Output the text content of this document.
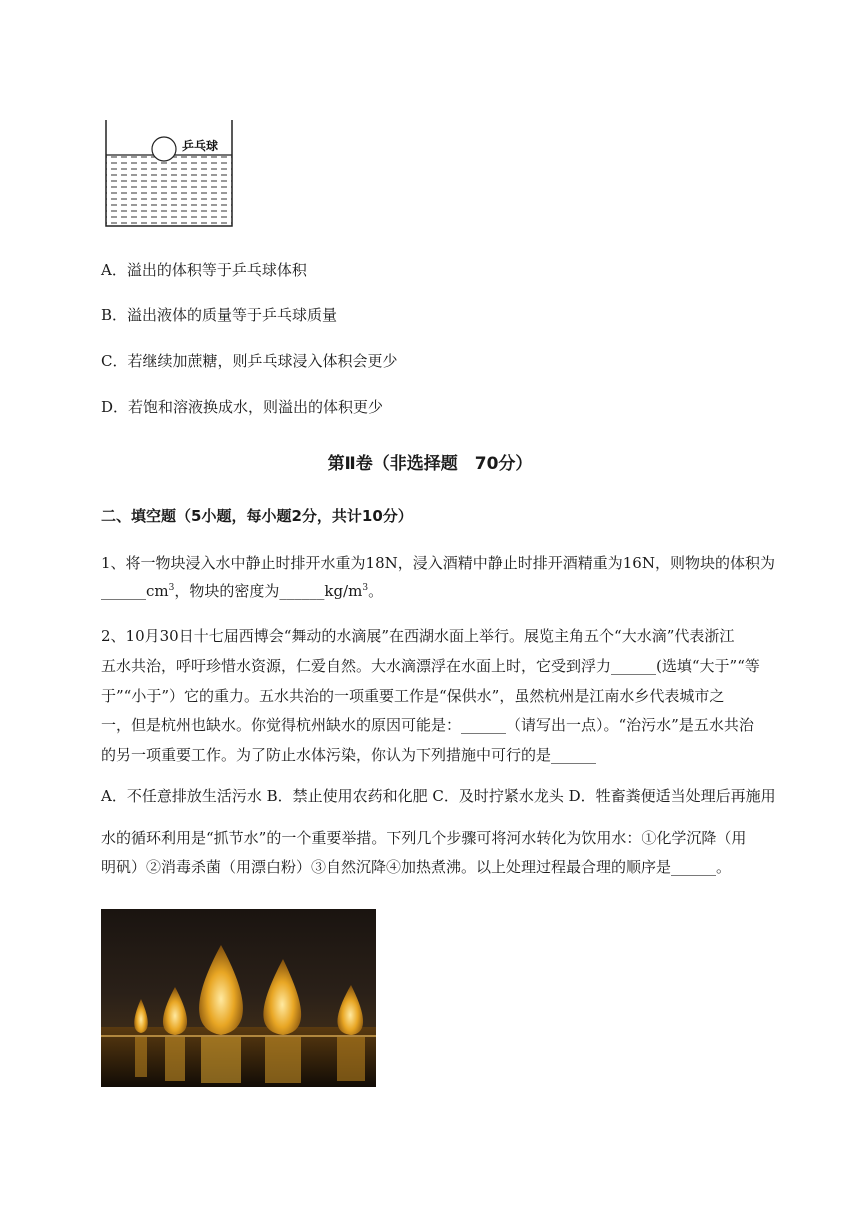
乒乓球
A．溢出的体积等于乒乓球体积
B．溢出液体的质量等于乒乓球质量
C．若继续加蔗糖，则乒乓球浸入体积会更少
D．若饱和溶液换成水，则溢出的体积更少
第Ⅱ卷（非选择题　70分）
二、填空题（5小题，每小题2分，共计10分）
1、将一物块浸入水中静止时排开水重为18N，浸入酒精中静止时排开酒精重为16N，则物块的体积为
$\_\_\_\_\_\_cm^3$，物块的密度为$\_\_\_\_\_\_kg/m^3$。
2、10月30日十七届西博会“舞动的水滴展”在西湖水面上举行。展览主角五个“大水滴”代表浙江
五水共治，呼吁珍惜水资源，仁爱自然。大水滴漂浮在水面上时，它受到浮力______(选填“大于”“等
于”“小于”）它的重力。五水共治的一项重要工作是“保供水”，虽然杭州是江南水乡代表城市之
一，但是杭州也缺水。你觉得杭州缺水的原因可能是：______（请写出一点）。“治污水”是五水共治
的另一项重要工作。为了防止水体污染，你认为下列措施中可行的是______
A．不任意排放生活污水 B．禁止使用农药和化肥 C．及时拧紧水龙头 D．牲畜粪便适当处理后再施用
水的循环利用是“抓节水”的一个重要举措。下列几个步骤可将河水转化为饮用水：①化学沉降（用
明矾）②消毒杀菌（用漂白粉）③自然沉降④加热煮沸。以上处理过程最合理的顺序是______。
